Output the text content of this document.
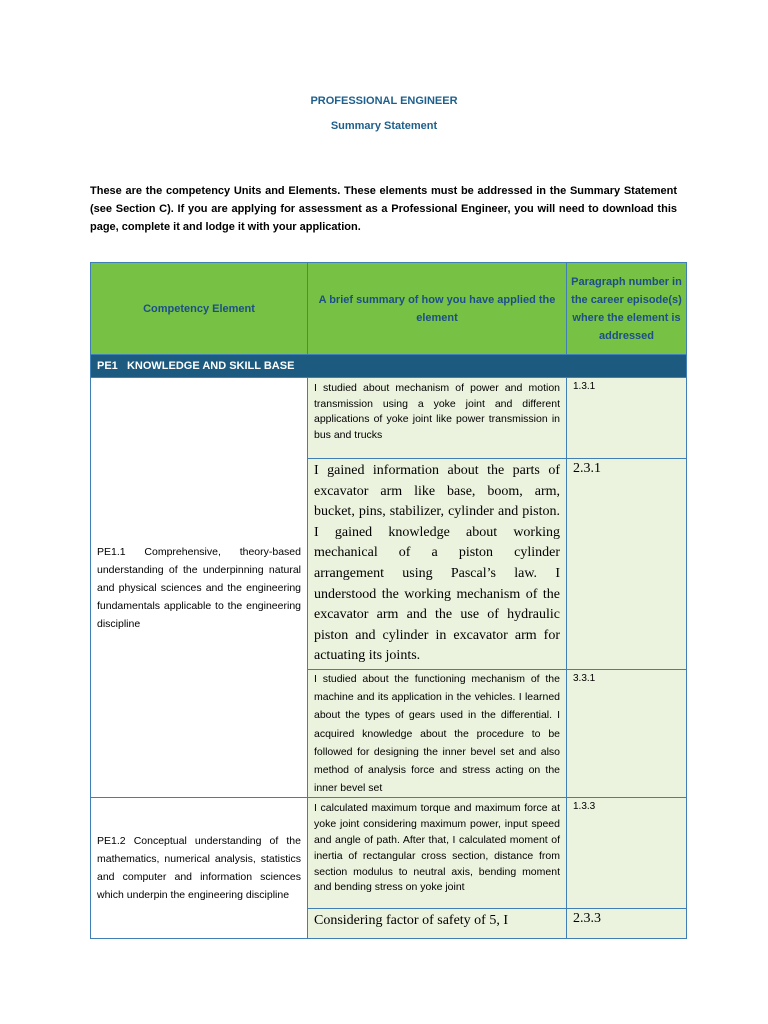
PROFESSIONAL ENGINEER
Summary Statement
These are the competency Units and Elements. These elements must be addressed in the Summary Statement (see Section C). If you are applying for assessment as a Professional Engineer, you will need to download this page, complete it and lodge it with your application.
Competency Element	A brief summary of how you have applied the element	Paragraph number in the career episode(s) where the element is addressed
PE1   KNOWLEDGE AND SKILL BASE		
PE1.1 Comprehensive, theory-based understanding of the underpinning natural and physical sciences and the engineering fundamentals applicable to the engineering discipline	I studied about mechanism of power and motion transmission using a yoke joint and different applications of yoke joint like power transmission in bus and trucks	1.3.1
	I gained information about the parts of excavator arm like base, boom, arm, bucket, pins, stabilizer, cylinder and piston. I gained knowledge about working mechanical of a piston cylinder arrangement using Pascal’s law. I understood the working mechanism of the excavator arm and the use of hydraulic piston and cylinder in excavator arm for actuating its joints.	2.3.1
	I studied about the functioning mechanism of the machine and its application in the vehicles. I learned about the types of gears used in the differential. I acquired knowledge about the procedure to be followed for designing the inner bevel set and also method of analysis force and stress acting on the inner bevel set	3.3.1
PE1.2 Conceptual understanding of the mathematics, numerical analysis, statistics and computer and information sciences which underpin the engineering discipline	I calculated maximum torque and maximum force at yoke joint considering maximum power, input speed and angle of path. After that, I calculated moment of inertia of rectangular cross section, distance from section modulus to neutral axis, bending moment and bending stress on yoke joint	1.3.3
	Considering factor of safety of 5, I	2.3.3
